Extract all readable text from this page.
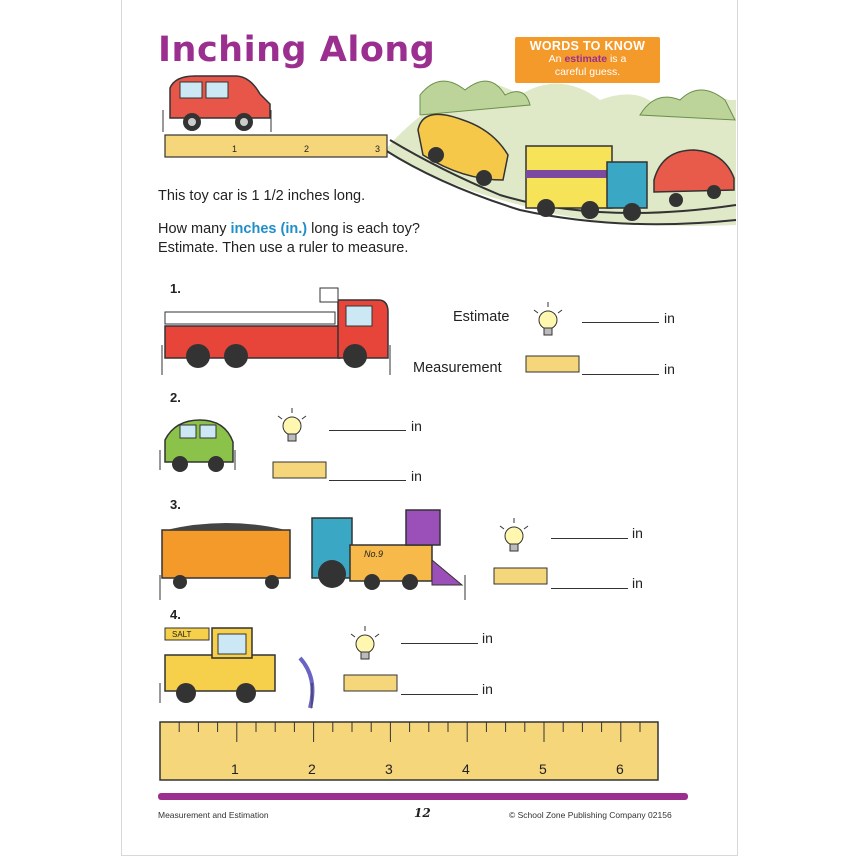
Inching Along	WORDS TO KNOW
An estimate is a
careful guess.
1	2	3
This toy car is 1 1/2 inches long.
How many inches (in.) long is each toy?
Estimate. Then use a ruler to measure.
1.
Estimate	in
Measurement	in
2.
in
in
3.
No.9
in
in
4.
SALT	in
in
1	2	3	4	5	6
Measurement and Estimation	12	© School Zone Publishing Company 02156
